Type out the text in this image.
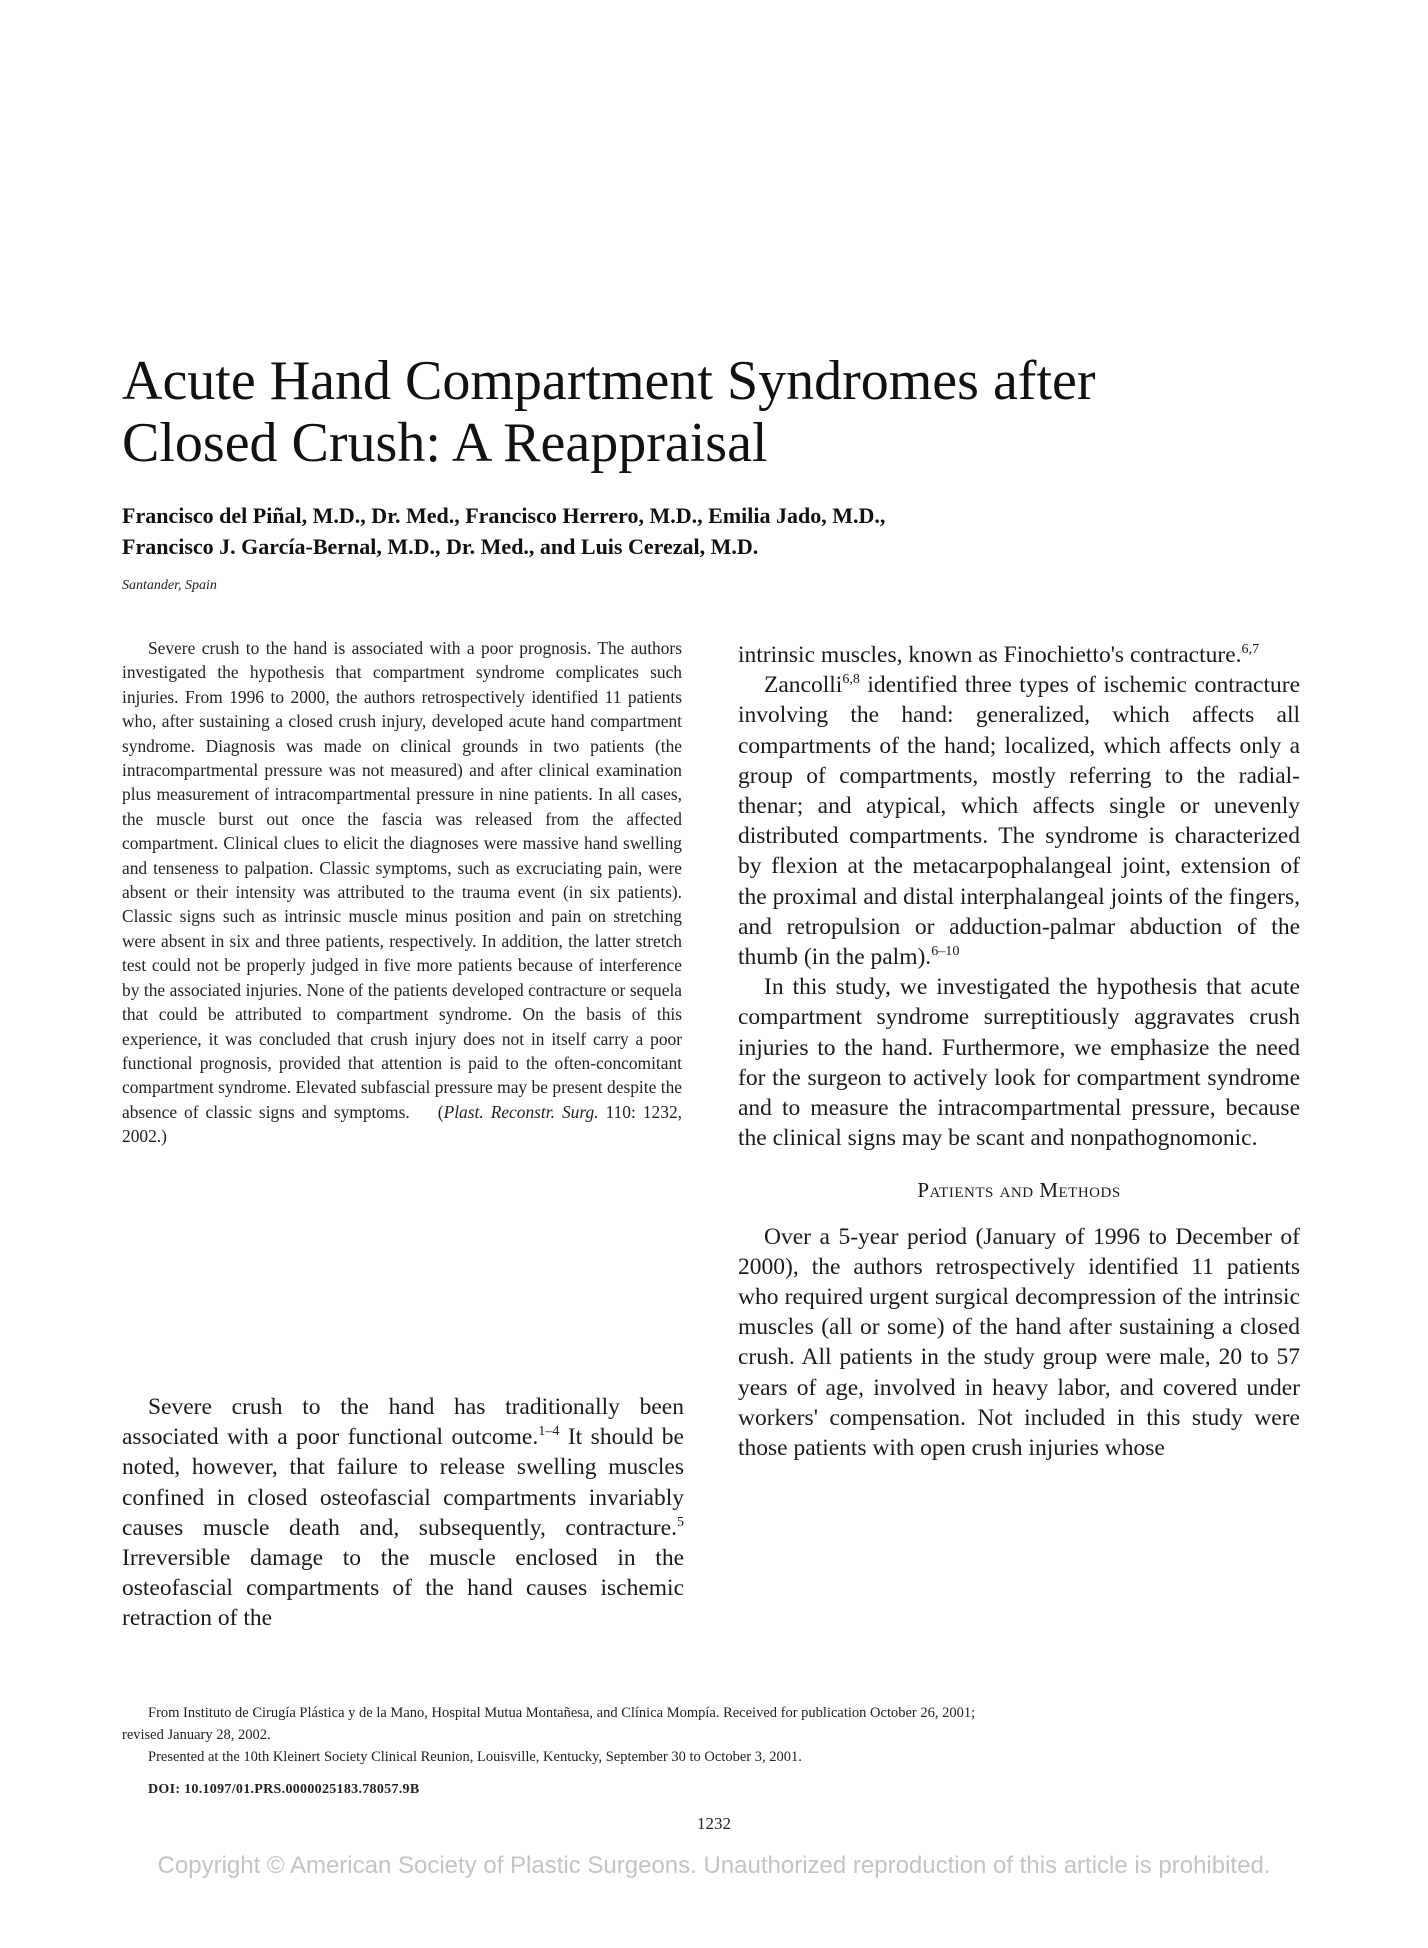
Acute Hand Compartment Syndromes after
Closed Crush: A Reappraisal
Francisco del Piñal, M.D., Dr. Med., Francisco Herrero, M.D., Emilia Jado, M.D.,
Francisco J. García-Bernal, M.D., Dr. Med., and Luis Cerezal, M.D.
Santander, Spain

Severe crush to the hand is associated with a poor prognosis. The authors investigated the hypothesis that compartment syndrome complicates such injuries. From 1996 to 2000, the authors retrospectively identified 11 patients who, after sustaining a closed crush injury, developed acute hand compartment syndrome. Diagnosis was made on clinical grounds in two patients (the intracompartmental pressure was not measured) and after clinical examination plus measurement of intracompartmental pressure in nine patients. In all cases, the muscle burst out once the fascia was released from the affected compartment. Clinical clues to elicit the diagnoses were massive hand swelling and tenseness to palpation. Classic symptoms, such as excruciating pain, were absent or their intensity was attributed to the trauma event (in six patients). Classic signs such as intrinsic muscle minus position and pain on stretching were absent in six and three patients, respectively. In addition, the latter stretch test could not be properly judged in five more patients because of interference by the associated injuries. None of the patients developed contracture or sequela that could be attributed to compartment syndrome. On the basis of this experience, it was concluded that crush injury does not in itself carry a poor functional prognosis, provided that attention is paid to the often-concomitant compartment syndrome. Elevated subfascial pressure may be present despite the absence of classic signs and symptoms.    (Plast. Reconstr. Surg. 110: 1232, 2002.)

Severe crush to the hand has traditionally been associated with a poor functional outcome.$^{1-4}$ It should be noted, however, that failure to release swelling muscles confined in closed osteofascial compartments invariably causes muscle death and, subsequently, contracture.$^5$ Irreversible damage to the muscle enclosed in the osteofascial compartments of the hand causes ischemic retraction of the

intrinsic muscles, known as Finochietto's contracture.$^{6,7}$

Zancolli$^{6,8}$ identified three types of ischemic contracture involving the hand: generalized, which affects all compartments of the hand; localized, which affects only a group of compartments, mostly referring to the radial-thenar; and atypical, which affects single or unevenly distributed compartments. The syndrome is characterized by flexion at the metacarpophalangeal joint, extension of the proximal and distal interphalangeal joints of the fingers, and retropulsion or adduction-palmar abduction of the thumb (in the palm).$^{6-10}$

In this study, we investigated the hypothesis that acute compartment syndrome surreptitiously aggravates crush injuries to the hand. Furthermore, we emphasize the need for the surgeon to actively look for compartment syndrome and to measure the intracompartmental pressure, because the clinical signs may be scant and nonpathognomonic.

Patients and Methods

Over a 5-year period (January of 1996 to December of 2000), the authors retrospectively identified 11 patients who required urgent surgical decompression of the intrinsic muscles (all or some) of the hand after sustaining a closed crush. All patients in the study group were male, 20 to 57 years of age, involved in heavy labor, and covered under workers' compensation. Not included in this study were those patients with open crush injuries whose

From Instituto de Cirugía Plástica y de la Mano, Hospital Mutua Montañesa, and Clínica Mompía. Received for publication October 26, 2001;

revised January 28, 2002.

Presented at the 10th Kleinert Society Clinical Reunion, Louisville, Kentucky, September 30 to October 3, 2001.

DOI: 10.1097/01.PRS.0000025183.78057.9B
1232
Copyright © American Society of Plastic Surgeons. Unauthorized reproduction of this article is prohibited.
